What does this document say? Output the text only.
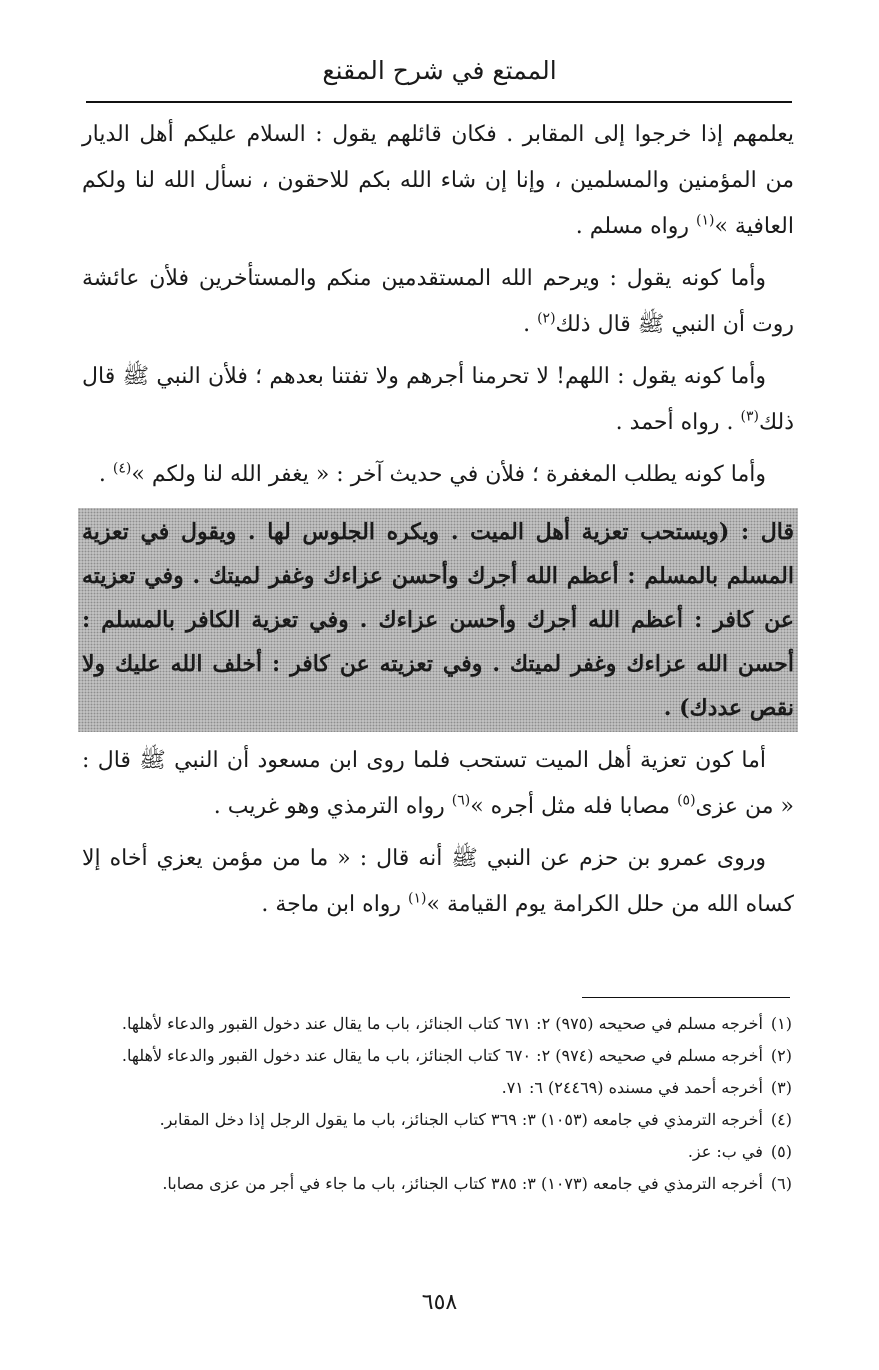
الممتع في شرح المقنع

يعلمهم إذا خرجوا إلى المقابر . فكان قائلهم يقول : السلام عليكم أهل الديار من المؤمنين والمسلمين ، وإنا إن شاء الله بكم للاحقون ، نسأل الله لنا ولكم العافية »$^{(١)}$ رواه مسلم .

وأما كونه يقول : ويرحم الله المستقدمين منكم والمستأخرين فلأن عائشة روت أن النبي ﷺ قال ذلك$^{(٢)}$ .

وأما كونه يقول : اللهم! لا تحرمنا أجرهم ولا تفتنا بعدهم ؛ فلأن النبي ﷺ قال ذلك$^{(٣)}$ . رواه أحمد .

وأما كونه يطلب المغفرة ؛ فلأن في حديث آخر : « يغفر الله لنا ولكم »$^{(٤)}$ .

قال : (ويستحب تعزية أهل الميت . ويكره الجلوس لها . ويقول في تعزية المسلم بالمسلم : أعظم الله أجرك وأحسن عزاءك وغفر لميتك . وفي تعزيته عن كافر : أعظم الله أجرك وأحسن عزاءك . وفي تعزية الكافر بالمسلم : أحسن الله عزاءك وغفر لميتك . وفي تعزيته عن كافر : أخلف الله عليك ولا نقص عددك) .

أما كون تعزية أهل الميت تستحب فلما روى ابن مسعود أن النبي ﷺ قال : « من عزى$^{(٥)}$ مصابا فله مثل أجره »$^{(٦)}$ رواه الترمذي وهو غريب .

وروى عمرو بن حزم عن النبي ﷺ أنه قال : « ما من مؤمن يعزي أخاه إلا كساه الله من حلل الكرامة يوم القيامة »$^{(١)}$ رواه ابن ماجة .

(١)
أخرجه مسلم في صحيحه (٩٧٥) ٢: ٦٧١ كتاب الجنائز، باب ما يقال عند دخول القبور والدعاء لأهلها.
(٢)
أخرجه مسلم في صحيحه (٩٧٤) ٢: ٦٧٠ كتاب الجنائز، باب ما يقال عند دخول القبور والدعاء لأهلها.
(٣)
أخرجه أحمد في مسنده (٢٤٤٦٩) ٦: ٧١.
(٤)
أخرجه الترمذي في جامعه (١٠٥٣) ٣: ٣٦٩ كتاب الجنائز، باب ما يقول الرجل إذا دخل المقابر.
(٥)
في ب: عز.
(٦)
أخرجه الترمذي في جامعه (١٠٧٣) ٣: ٣٨٥ كتاب الجنائز، باب ما جاء في أجر من عزى مصابا.
٦٥٨
